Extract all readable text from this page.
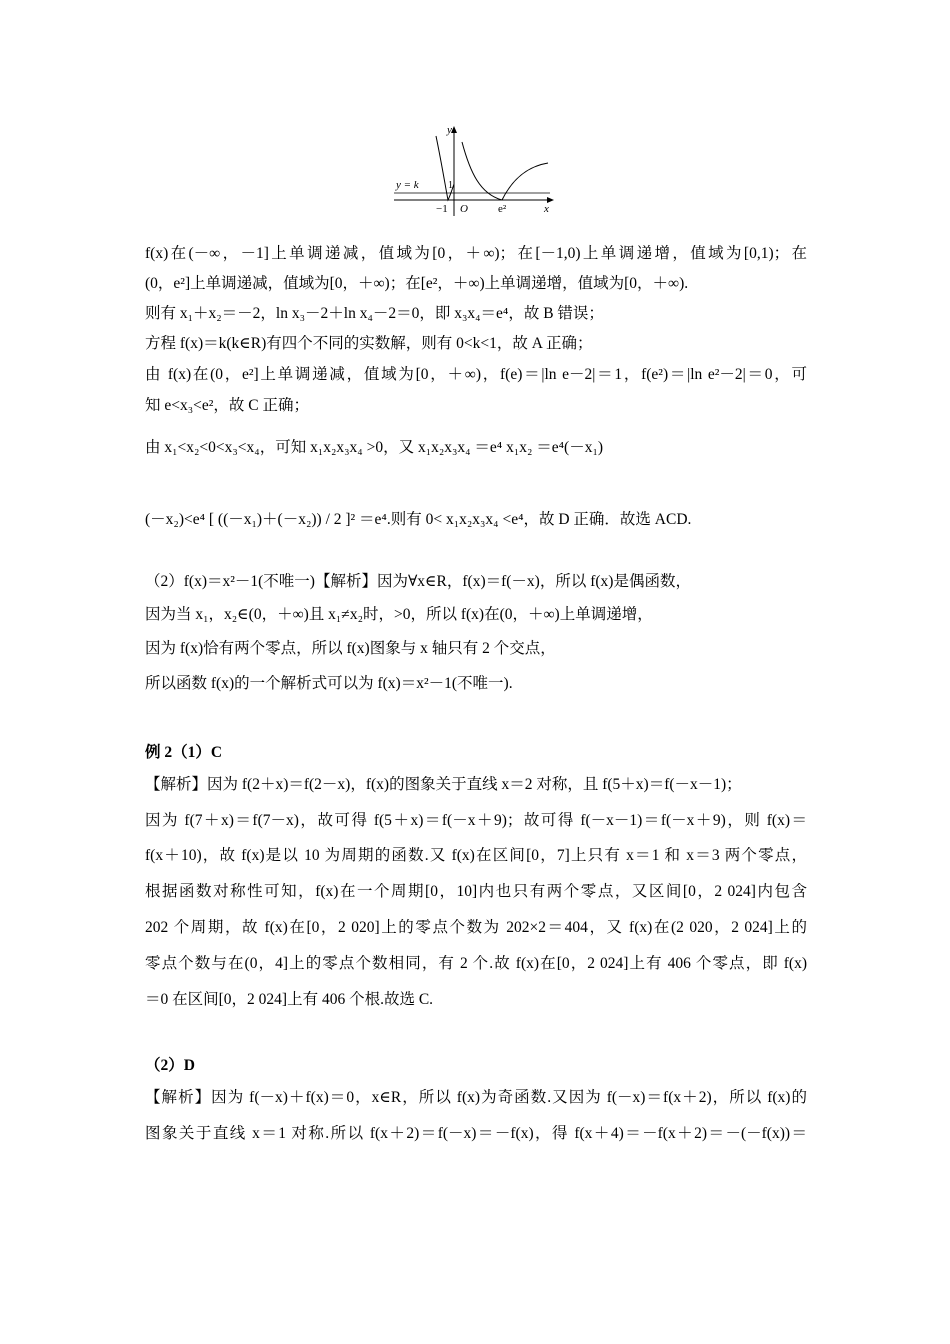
y
x
y = k	1
−1 O	e²
f(x)在(－∞，－1]上单调递减，值域为[0，＋∞)；在[－1,0)上单调递增，值域为[0,1)；在
(0，e²]上单调递减，值域为[0，＋∞)；在[e²，＋∞)上单调递增，值域为[0，＋∞).
则有 x₁＋x₂＝－2，ln x₃－2＋ln x₄－2＝0，即 x₃x₄＝e⁴，故 B 错误；
方程 f(x)＝k(k∈R)有四个不同的实数解，则有 0<k<1，故 A 正确；
由 f(x)在(0，e²]上单调递减，值域为[0，＋∞)，f(e)＝|ln e－2|＝1，f(e²)＝|ln e²－2|＝0，可
知 e<x₃<e²，故 C 正确；
由 x₁<x₂<0<x₃<x₄，可知 x₁x₂x₃x₄ >0，又 x₁x₂x₃x₄ ＝e⁴ x₁x₂ ＝e⁴(－x₁)
(－x₂)<e⁴ [ ((－x₁)＋(－x₂)) / 2 ]² ＝e⁴.则有 0< x₁x₂x₃x₄ <e⁴，故 D 正确．故选 ACD.
（2）f(x)＝x²－1(不唯一)【解析】因为∀x∈R，f(x)＝f(－x)，所以 f(x)是偶函数，
因为当 x₁，x₂∈(0，＋∞)且 x₁≠x₂时，>0，所以 f(x)在(0，＋∞)上单调递增，
因为 f(x)恰有两个零点，所以 f(x)图象与 x 轴只有 2 个交点，
所以函数 f(x)的一个解析式可以为 f(x)＝x²－1(不唯一).
例 2（1）C
【解析】因为 f(2＋x)＝f(2－x)，f(x)的图象关于直线 x＝2 对称，且 f(5＋x)＝f(－x－1)；
因为 f(7＋x)＝f(7－x)，故可得 f(5＋x)＝f(－x＋9)；故可得 f(－x－1)＝f(－x＋9)，则 f(x)＝
f(x＋10)，故 f(x)是以 10 为周期的函数.又 f(x)在区间[0，7]上只有 x＝1 和 x＝3 两个零点，
根据函数对称性可知，f(x)在一个周期[0，10]内也只有两个零点，又区间[0，2 024]内包含
202 个周期，故 f(x)在[0，2 020]上的零点个数为 202×2＝404，又 f(x)在(2 020，2 024]上的
零点个数与在(0，4]上的零点个数相同，有 2 个.故 f(x)在[0，2 024]上有 406 个零点，即 f(x)
＝0 在区间[0，2 024]上有 406 个根.故选 C.
（2）D
【解析】因为 f(－x)＋f(x)＝0，x∈R，所以 f(x)为奇函数.又因为 f(－x)＝f(x＋2)，所以 f(x)的
图象关于直线 x＝1 对称.所以 f(x＋2)＝f(－x)＝－f(x)，得 f(x＋4)＝－f(x＋2)＝－(－f(x))＝
